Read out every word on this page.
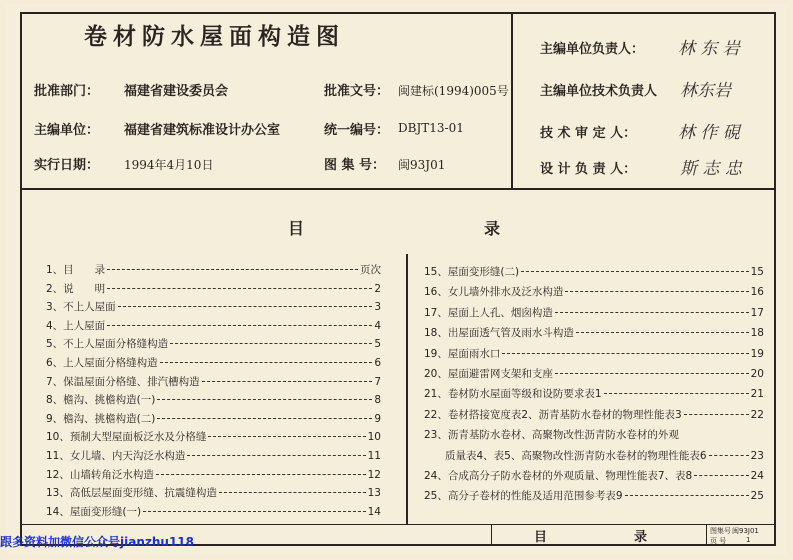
卷材防水屋面构造图
批准部门： 福建省建设委员会	批准文号： 闽建标(1994)005号
主编单位： 福建省建筑标准设计办公室	统一编号： DBJT13-01
实行日期： 1994年4月10日	图 集 号： 闽93J01
主编单位负责人： 林 东 岩
主编单位技术负责人 林东岩
技 术 审 定 人： 林 作 硯
设 计 负 责 人：	斯 志 忠
目	录
1、目　　录	页次
2、说　　明	2
3、不上人屋面	3
4、上人屋面	4
5、不上人屋面分格缝构造	5
6、上人屋面分格缝构造	6
7、保温屋面分格缝、排汽槽构造	7
8、檐沟、挑檐构造(一)	8
9、檐沟、挑檐构造(二)	9
10、预制大型屋面板泛水及分格缝	10
11、女儿墙、内天沟泛水构造	11
12、山墙转角泛水构造	12
13、高低层屋面变形缝、抗震缝构造	13
14、屋面变形缝(一)	14
15、屋面变形缝(二)	15
16、女儿墙外排水及泛水构造	16
17、屋面上人孔、烟囱构造	17
18、出屋面透气管及雨水斗构造	18
19、屋面雨水口	19
20、屋面避雷网支架和支座	20
21、卷材防水屋面等级和设防要求表1	21
22、卷材搭接宽度表2、沥青基防水卷材的物理性能表3	22
23、沥青基防水卷材、高聚物改性沥青防水卷材的外观
　　质量表4、表5、高聚物改性沥青防水卷材的物理性能表6	23
24、合成高分子防水卷材的外观质量、物理性能表7、表8	24
25、高分子卷材的性能及适用范围参考表9	25
目	录	图集号 闽93J01
页 号	1
跟多资料加微信公众号jianzhu118
